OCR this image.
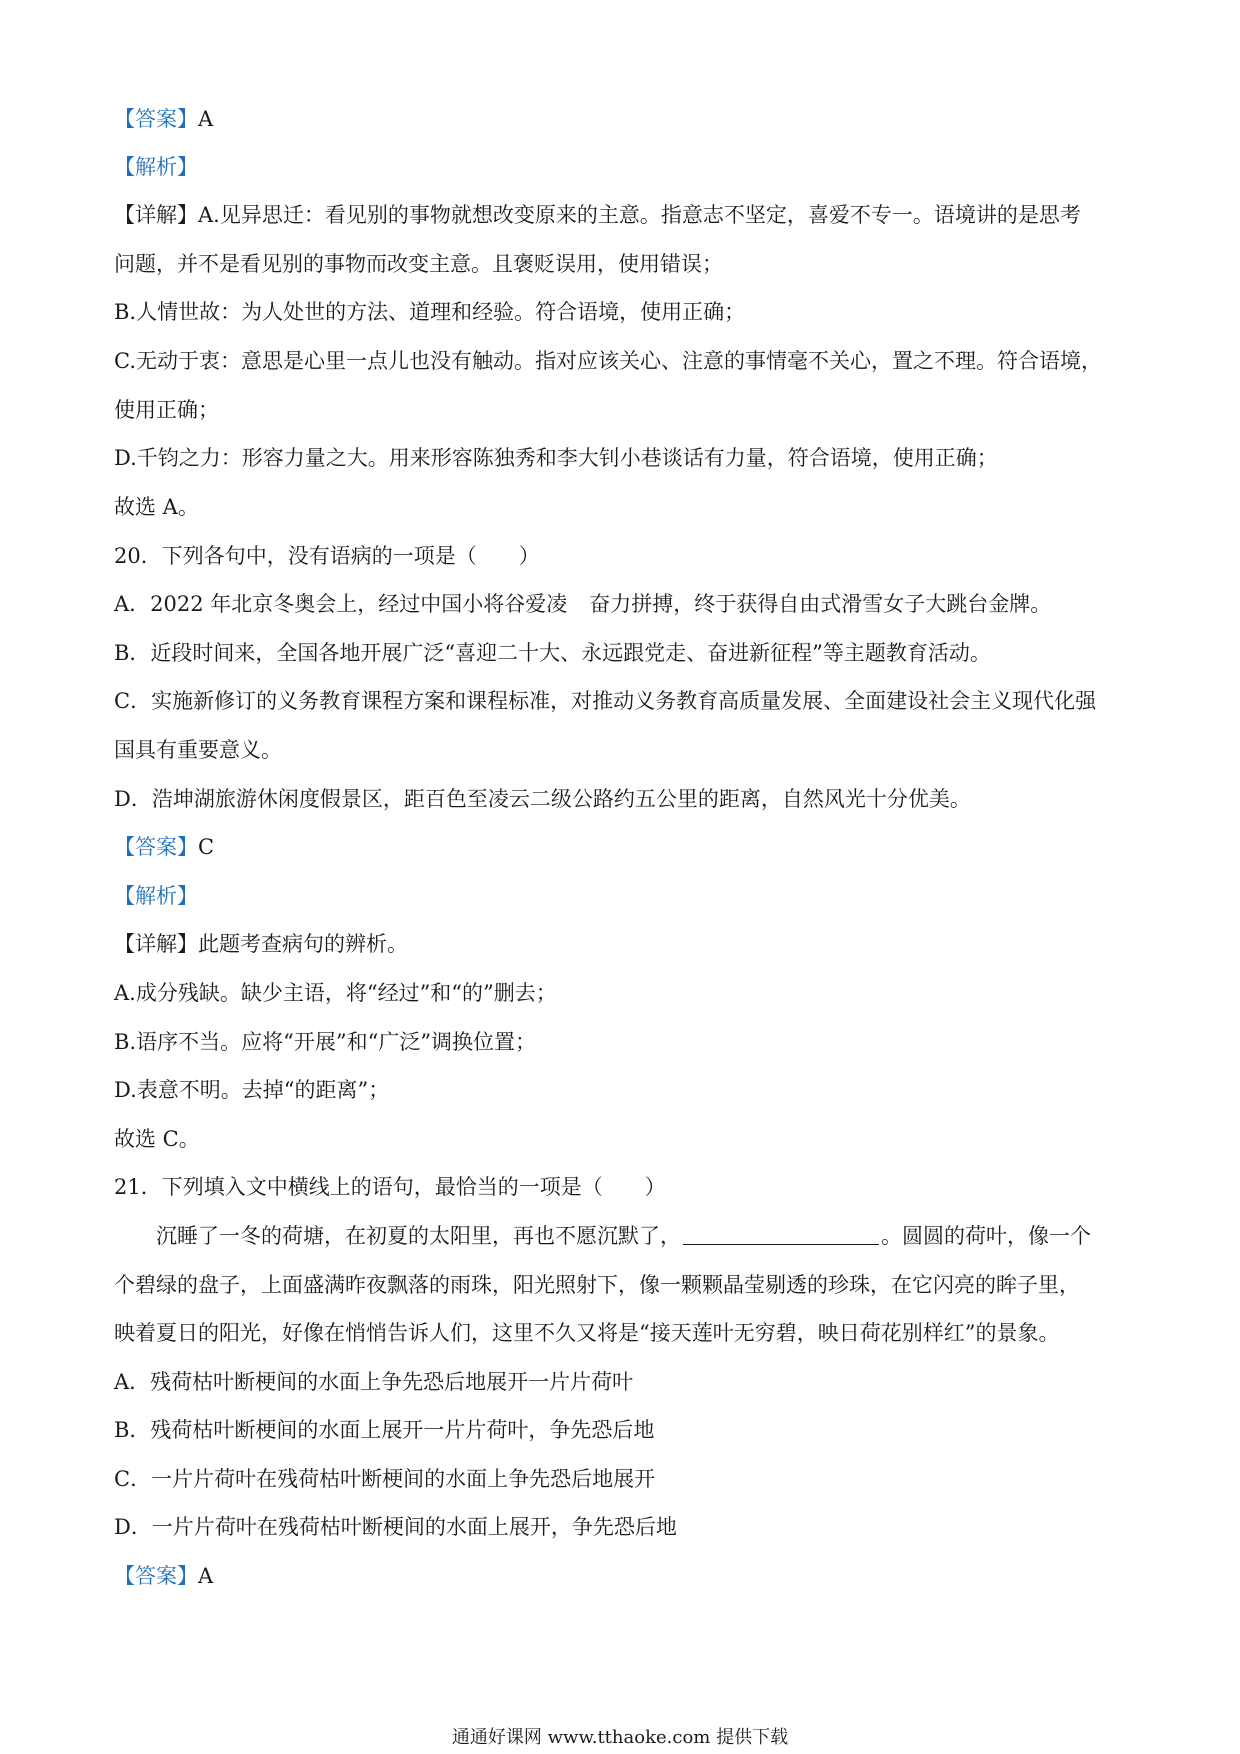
【答案】A
【解析】
【详解】A.见异思迁：看见别的事物就想改变原来的主意。指意志不坚定，喜爱不专一。语境讲的是思考
问题，并不是看见别的事物而改变主意。且褒贬误用，使用错误；
B.人情世故：为人处世的方法、道理和经验。符合语境，使用正确；
C.无动于衷：意思是心里一点儿也没有触动。指对应该关心、注意的事情毫不关心，置之不理。符合语境，
使用正确；
D.千钧之力：形容力量之大。用来形容陈独秀和李大钊小巷谈话有力量，符合语境，使用正确；
故选 A。
20．下列各句中，没有语病的一项是（　　）
A．2022 年北京冬奥会上，经过中国小将谷爱凌 奋力拼搏，终于获得自由式滑雪女子大跳台金牌。
B．近段时间来，全国各地开展广泛“喜迎二十大、永远跟党走、奋进新征程”等主题教育活动。
C．实施新修订的义务教育课程方案和课程标准，对推动义务教育高质量发展、全面建设社会主义现代化强
国具有重要意义。
D．浩坤湖旅游休闲度假景区，距百色至凌云二级公路约五公里的距离，自然风光十分优美。
【答案】C
【解析】
【详解】此题考查病句的辨析。
A.成分残缺。缺少主语，将“经过”和“的”删去；
B.语序不当。应将“开展”和“广泛”调换位置；
D.表意不明。去掉“的距离”；
故选 C。
21．下列填入文中横线上的语句，最恰当的一项是（　　）
沉睡了一冬的荷塘，在初夏的太阳里，再也不愿沉默了，	。圆圆的荷叶，像一个
个碧绿的盘子，上面盛满昨夜飘落的雨珠，阳光照射下，像一颗颗晶莹剔透的珍珠，在它闪亮的眸子里，
映着夏日的阳光，好像在悄悄告诉人们，这里不久又将是“接天莲叶无穷碧，映日荷花别样红”的景象。
A．残荷枯叶断梗间的水面上争先恐后地展开一片片荷叶
B．残荷枯叶断梗间的水面上展开一片片荷叶，争先恐后地
C．一片片荷叶在残荷枯叶断梗间的水面上争先恐后地展开
D．一片片荷叶在残荷枯叶断梗间的水面上展开，争先恐后地
【答案】A
通通好课网 www.tthaoke.com 提供下载
